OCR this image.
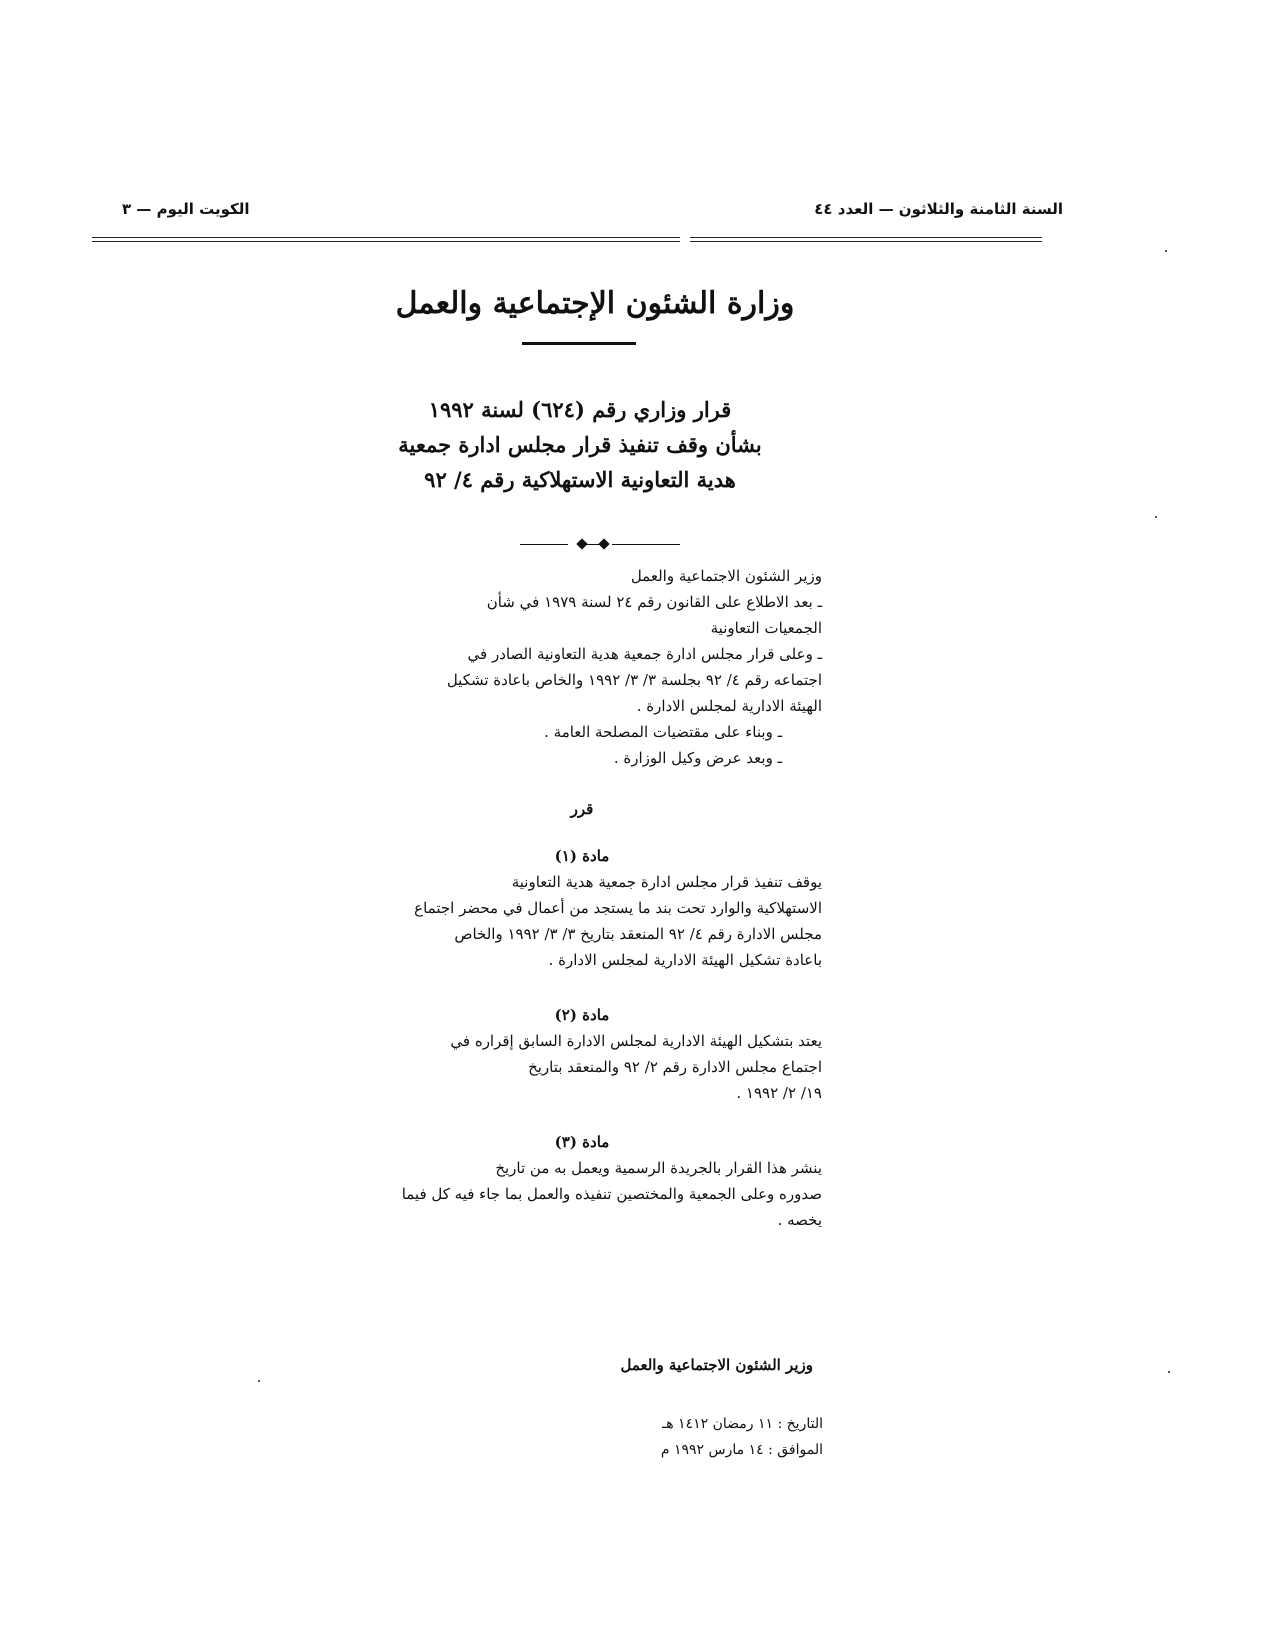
السنة الثامنة والثلاثون — العدد ٤٤
الكويت اليوم — ٣
وزارة الشئون الإجتماعية والعمل
قرار وزاري رقم (٦٢٤) لسنة ١٩٩٢
بشأن وقف تنفيذ قرار مجلس ادارة جمعية
هدية التعاونية الاستهلاكية رقم ٤/ ٩٢
وزير الشئون الاجتماعية والعمل
ـ بعد الاطلاع على القانون رقم ٢٤ لسنة ١٩٧٩ في شأن
الجمعيات التعاونية
ـ وعلى قرار مجلس ادارة جمعية هدية التعاونية الصادر في
اجتماعه رقم ٤/ ٩٢ بجلسة ٣/ ٣/ ١٩٩٢ والخاص باعادة تشكيل
الهيئة الادارية لمجلس الادارة .
ـ وبناء على مقتضيات المصلحة العامة .
ـ وبعد عرض وكيل الوزارة .
قرر
مادة (١)
يوقف تنفيذ قرار مجلس ادارة جمعية هدية التعاونية
الاستهلاكية والوارد تحت بند ما يستجد من أعمال في محضر اجتماع
مجلس الادارة رقم ٤/ ٩٢ المنعقد بتاريخ ٣/ ٣/ ١٩٩٢ والخاص
باعادة تشكيل الهيئة الادارية لمجلس الادارة .
مادة (٢)
يعتد بتشكيل الهيئة الادارية لمجلس الادارة السابق إقراره في
اجتماع مجلس الادارة رقم ٢/ ٩٢ والمنعقد بتاريخ
١٩/ ٢/ ١٩٩٢ .
مادة (٣)
ينشر هذا القرار بالجريدة الرسمية ويعمل به من تاريخ
صدوره وعلى الجمعية والمختصين تنفيذه والعمل بما جاء فيه كل فيما
يخصه .
وزير الشئون الاجتماعية والعمل
التاريخ : ١١ رمضان ١٤١٢ هـ
الموافق : ١٤ مارس ١٩٩٢ م
